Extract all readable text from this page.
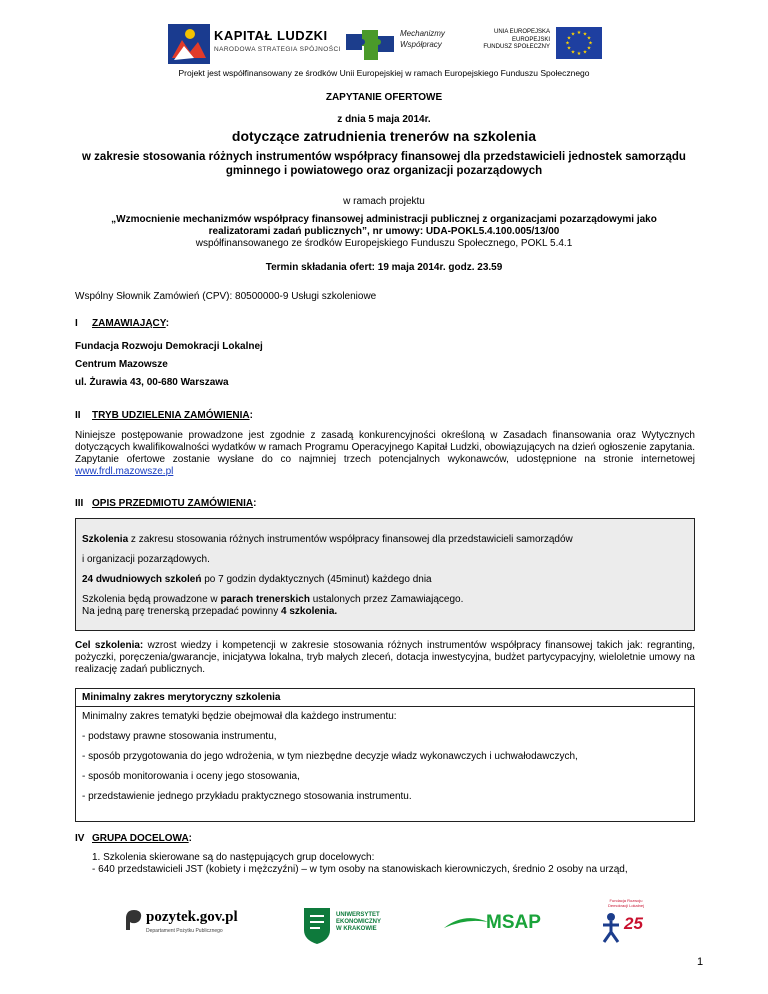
KAPITAŁ LUDZKI
NARODOWA STRATEGIA SPÓJNOŚCI
Mechanizmy
Współpracy
UNIA EUROPEJSKA
EUROPEJSKI
FUNDUSZ SPOŁECZNY
★ ★
★
★
★
★
★
★
★
★
★
★
Projekt jest współfinansowany ze środków Unii Europejskiej w ramach Europejskiego Funduszu Społecznego
ZAPYTANIE OFERTOWE
z dnia 5 maja 2014r.
dotyczące zatrudnienia trenerów na szkolenia
w zakresie stosowania różnych instrumentów współpracy finansowej dla przedstawicieli jednostek samorządu gminnego i powiatowego oraz organizacji pozarządowych
w ramach projektu
„Wzmocnienie mechanizmów współpracy finansowej administracji publicznej z organizacjami pozarządowymi jako realizatorami zadań publicznych”, nr umowy: UDA-POKL5.4.100.005/13/00
współfinansowanego ze środków Europejskiego Funduszu Społecznego, POKL 5.4.1
Termin składania ofert: 19 maja 2014r. godz. 23.59
Wspólny Słownik Zamówień (CPV): 80500000-9 Usługi szkoleniowe
I ZAMAWIAJĄCY:
Fundacja Rozwoju Demokracji Lokalnej
Centrum Mazowsze
ul. Żurawia 43, 00-680 Warszawa
II TRYB UDZIELENIA ZAMÓWIENIA:
Niniejsze postępowanie prowadzone jest zgodnie z zasadą konkurencyjności określoną w Zasadach finansowania oraz Wytycznych dotyczących kwalifikowalności wydatków w ramach Programu Operacyjnego Kapitał Ludzki, obowiązujących na dzień ogłoszenie zapytania. Zapytanie ofertowe zostanie wysłane do co najmniej trzech potencjalnych wykonawców, udostępnione na stronie internetowej www.frdl.mazowsze.pl
III OPIS PRZEDMIOTU ZAMÓWIENIA:
Szkolenia z zakresu stosowania różnych instrumentów współpracy finansowej dla przedstawicieli samorządów
i organizacji pozarządowych.
24 dwudniowych szkoleń po 7 godzin dydaktycznych (45minut) każdego dnia
Szkolenia będą prowadzone w parach trenerskich ustalonych przez Zamawiającego.
Na jedną parę trenerską przepadać powinny 4 szkolenia.
Cel szkolenia: wzrost wiedzy i kompetencji w zakresie stosowania różnych instrumentów współpracy finansowej takich jak: regranting, pożyczki, poręczenia/gwarancje, inicjatywa lokalna, tryb małych zleceń, dotacja inwestycyjna, budżet partycypacyjny, wieloletnie umowy na realizację zadań publicznych.
Minimalny zakres merytoryczny szkolenia
Minimalny zakres tematyki będzie obejmował dla każdego instrumentu:
- podstawy prawne stosowania instrumentu,
- sposób przygotowania do jego wdrożenia, w tym niezbędne decyzje władz wykonawczych i uchwałodawczych,
- sposób monitorowania i oceny jego stosowania,
- przedstawienie jednego przykładu praktycznego stosowania instrumentu.
IV GRUPA DOCELOWA:
1. Szkolenia skierowane są do następujących grup docelowych:
- 640 przedstawicieli JST (kobiety i mężczyźni) – w tym osoby na stanowiskach kierowniczych, średnio 2 osoby na urząd,
pozytek.gov.pl
Departament Pożytku Publicznego
UNIWERSYTET
EKONOMICZNY
W KRAKOWIE	MSAP
Fundacja Rozwoju
Demokracji Lokalnej
25
1
